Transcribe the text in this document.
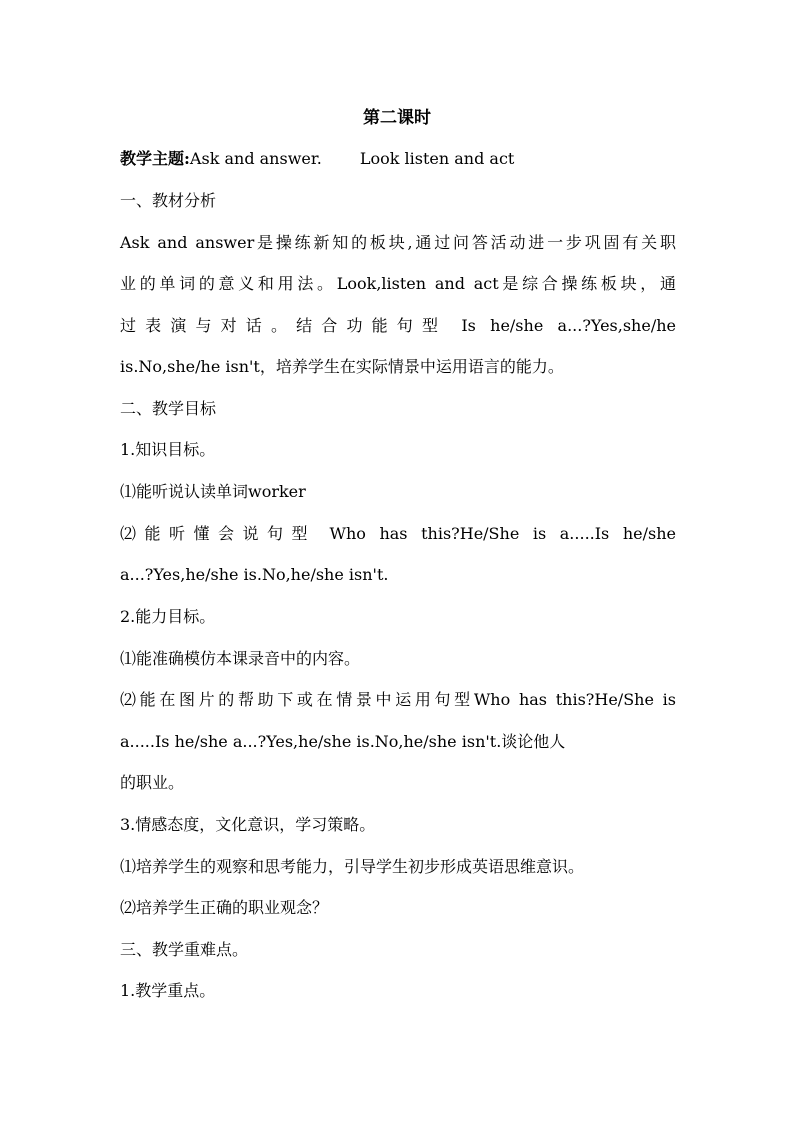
第二课时
教学主题:Ask and answer. Look listen and act
一、教材分析
Ask and answer是操练新知的板块,通过问答活动进一步巩固有关职
业的单词的意义和用法。Look,listen and act是综合操练板块，通
过表演与对话。结合功能句型 Is he/she a...?Yes,she/he
is.No,she/he isn't，培养学生在实际情景中运用语言的能力。
二、教学目标
1.知识目标。
⑴能听说认读单词worker
⑵能听懂会说句型 Who has this?He/She is a.....Is he/she
a...?Yes,he/she is.No,he/she isn't.
2.能力目标。
⑴能准确模仿本课录音中的内容。
⑵能在图片的帮助下或在情景中运用句型Who has this?He/She is
a.....Is he/she a...?Yes,he/she is.No,he/she isn't.谈论他人
的职业。
3.情感态度，文化意识，学习策略。
⑴培养学生的观察和思考能力，引导学生初步形成英语思维意识。
⑵培养学生正确的职业观念？
三、教学重难点。
1.教学重点。
